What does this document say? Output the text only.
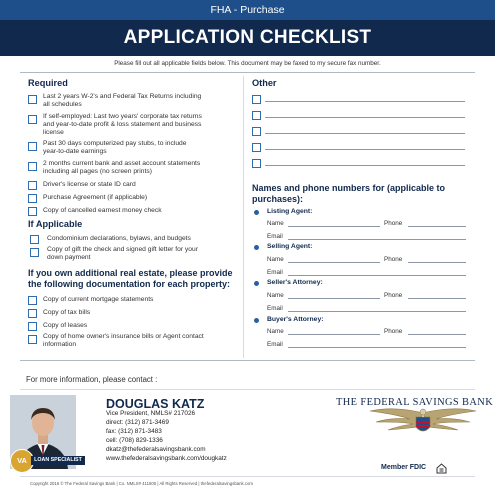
FHA - Purchase
APPLICATION CHECKLIST
Please fill out all applicable fields below. This document may be faxed to my secure fax number.
Required
Last 2 years W-2's and Federal Tax Returns including
all schedules
If self-employed: Last two years' corporate tax returns
and year-to-date profit & loss statement and business
license
Past 30 days computerized pay stubs, to include
year-to-date earnings
2 months current bank and asset account statements
including all pages (no screen prints)
Driver's license or state ID card
Purchase Agreement (if applicable)
Copy of cancelled earnest money check
If Applicable
Condominium declarations, bylaws, and budgets
Copy of gift the check and signed gift letter for your
down payment
If you own additional real estate, please provide
the following documentation for each property:
Copy of current mortgage statements
Copy of tax bills
Copy of leases
Copy of home owner's insurance bills or Agent contact
information
Other
Names and phone numbers for (applicable to
purchases):
Listing Agent:
Name	Phone
Email
Selling Agent:
Name	Phone
Email
Seller's Attorney:
Name	Phone
Email
Buyer's Attorney:
Name	Phone
Email
For more information, please contact :
VA	LOAN SPECIALIST
DOUGLAS KATZ
Vice President, NMLS# 217026
direct: (312) 871-3469
fax: (312) 871-3483
cell: (708) 829-1336
dkatz@thefederalsavingsbank.com
www.thefederalsavingsbank.com/dougkatz
THE FEDERAL SAVINGS BANK
Member FDIC
Copyright 2016 © The Federal Savings Bank | Co. NMLS# 411500 | All Rights Reserved | thefederalsavingsbank.com
